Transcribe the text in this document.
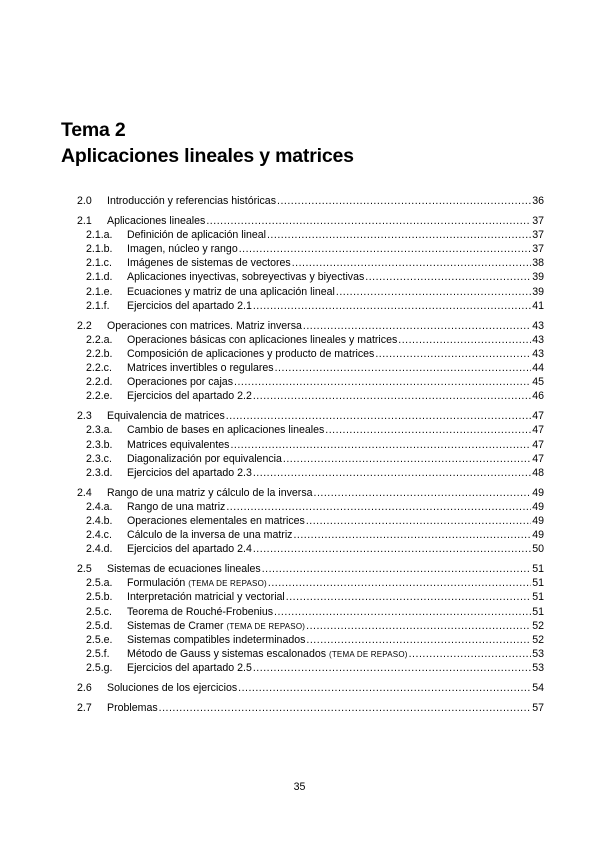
Tema 2
Aplicaciones lineales y matrices
2.0	Introducción y referencias históricas .....	36
2.1	Aplicaciones lineales .....	37
2.1.a.	Definición de aplicación lineal .....	37
2.1.b.	Imagen, núcleo y rango .....	37
2.1.c.	Imágenes de sistemas de vectores .....	38
2.1.d.	Aplicaciones inyectivas, sobreyectivas y biyectivas .....	39
2.1.e.	Ecuaciones y matriz de una aplicación lineal .....	39
2.1.f.	Ejercicios del apartado 2.1 .....	41
2.2	Operaciones con matrices. Matriz inversa .....	43
2.2.a.	Operaciones básicas con aplicaciones lineales y matrices .....	43
2.2.b.	Composición de aplicaciones y producto de matrices .....	43
2.2.c.	Matrices invertibles o regulares .....	44
2.2.d.	Operaciones por cajas .....	45
2.2.e.	Ejercicios del apartado 2.2 .....	46
2.3	Equivalencia de matrices .....	47
2.3.a.	Cambio de bases en aplicaciones lineales .....	47
2.3.b.	Matrices equivalentes .....	47
2.3.c.	Diagonalización por equivalencia .....	47
2.3.d.	Ejercicios del apartado 2.3 .....	48
2.4	Rango de una matriz y cálculo de la inversa .....	49
2.4.a.	Rango de una matriz .....	49
2.4.b.	Operaciones elementales en matrices .....	49
2.4.c.	Cálculo de la inversa de una matriz .....	49
2.4.d.	Ejercicios del apartado 2.4 .....	50
2.5	Sistemas de ecuaciones lineales .....	51
2.5.a.	Formulación (TEMA DE REPASO) .....	51
2.5.b.	Interpretación matricial y vectorial .....	51
2.5.c.	Teorema de Rouché-Frobenius .....	51
2.5.d.	Sistemas de Cramer (TEMA DE REPASO) .....	52
2.5.e.	Sistemas compatibles indeterminados .....	52
2.5.f.	Método de Gauss y sistemas escalonados (TEMA DE REPASO) .....	53
2.5.g.	Ejercicios del apartado 2.5 .....	53
2.6	Soluciones de los ejercicios .....	54
2.7	Problemas .....	57
35
